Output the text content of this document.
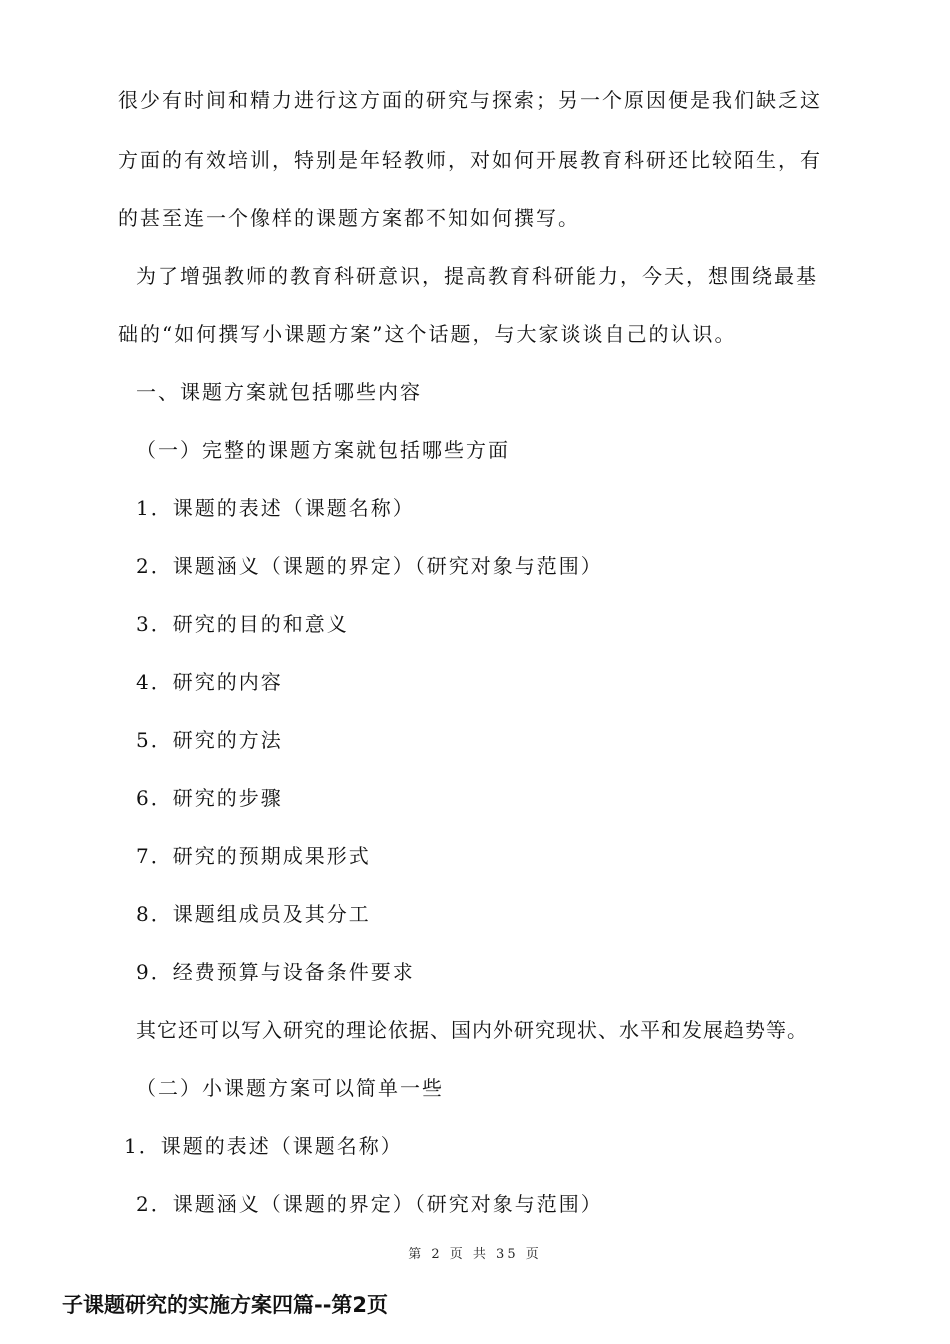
很少有时间和精力进行这方面的研究与探索；另一个原因便是我们缺乏这
方面的有效培训，特别是年轻教师，对如何开展教育科研还比较陌生，有
的甚至连一个像样的课题方案都不知如何撰写。
为了增强教师的教育科研意识，提高教育科研能力，今天，想围绕最基
础的“如何撰写小课题方案”这个话题，与大家谈谈自己的认识。
一、课题方案就包括哪些内容
（一）完整的课题方案就包括哪些方面
1．课题的表述（课题名称）
2．课题涵义（课题的界定）（研究对象与范围）
3．研究的目的和意义
4．研究的内容
5．研究的方法
6．研究的步骤
7．研究的预期成果形式
8．课题组成员及其分工
9．经费预算与设备条件要求
其它还可以写入研究的理论依据、国内外研究现状、水平和发展趋势等。
（二）小课题方案可以简单一些
1．课题的表述（课题名称）
2．课题涵义（课题的界定）（研究对象与范围）
第 2 页 共 35 页
子课题研究的实施方案四篇--第2页
